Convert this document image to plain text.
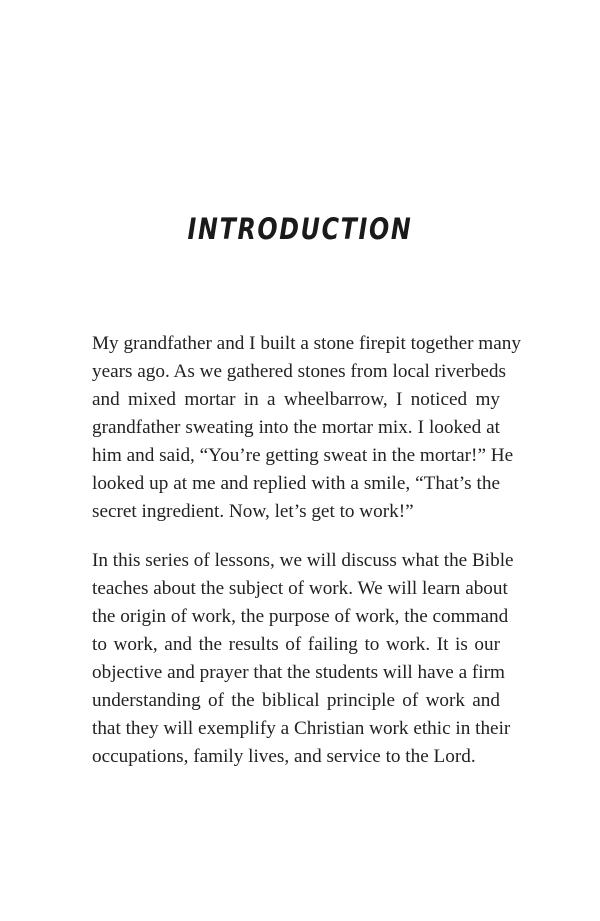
INTRODUCTION
My grandfather and I built a stone firepit together many
years ago. As we gathered stones from local riverbeds
and mixed mortar in a wheelbarrow, I noticed my
grandfather sweating into the mortar mix. I looked at
him and said, “You’re getting sweat in the mortar!” He
looked up at me and replied with a smile, “That’s the
secret ingredient. Now, let’s get to work!”
In this series of lessons, we will discuss what the Bible
teaches about the subject of work. We will learn about
the origin of work, the purpose of work, the command
to work, and the results of failing to work. It is our
objective and prayer that the students will have a firm
understanding of the biblical principle of work and
that they will exemplify a Christian work ethic in their
occupations, family lives, and service to the Lord.
